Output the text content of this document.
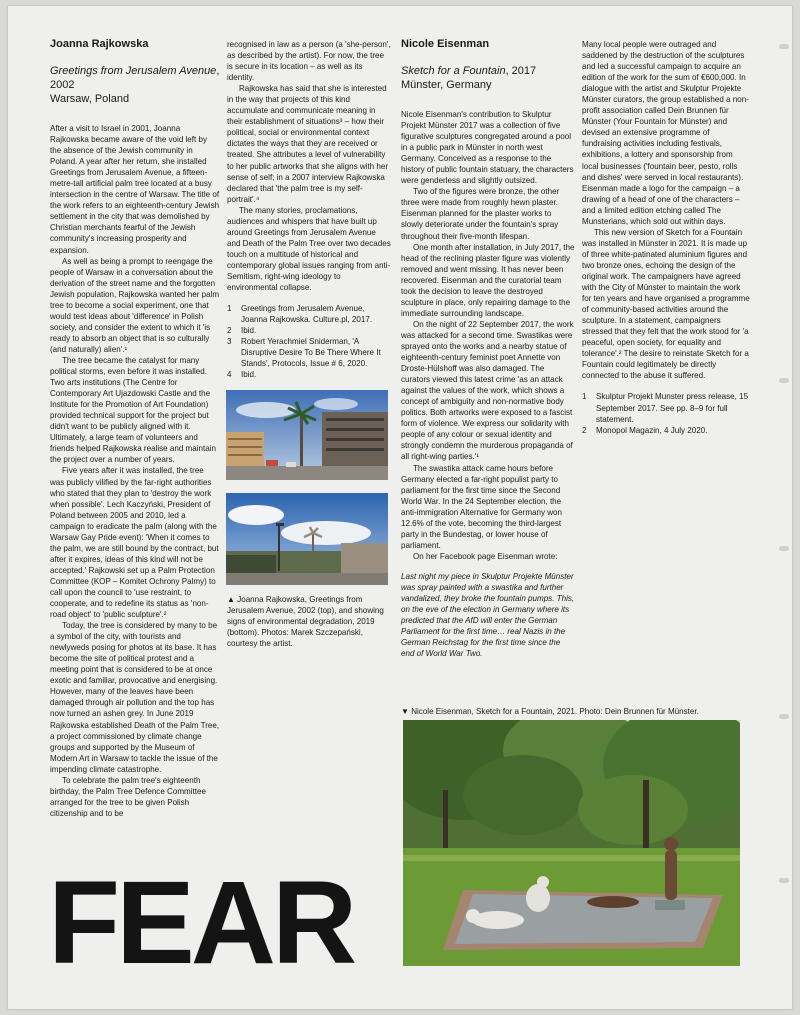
Joanna Rajkowska
Greetings from Jerusalem Avenue, 2002
Warsaw, Poland

After a visit to Israel in 2001, Joanna Rajkowska became aware of the void left by the absence of the Jewish community in Poland. A year after her return, she installed Greetings from Jerusalem Avenue, a fifteen-metre-tall artificial palm tree located at a busy intersection in the centre of Warsaw. The title of the work refers to an eighteenth-century Jewish settlement in the city that was demolished by Christian merchants fearful of the Jewish community's increasing prosperity and expansion.

As well as being a prompt to reengage the people of Warsaw in a conversation about the derivation of the street name and the forgotten Jewish population, Rajkowska wanted her palm tree to become a social experiment, one that would test ideas about 'difference' in Polish society, and consider the extent to which it 'is ready to absorb an object that is so culturally (and naturally) alien'.¹

The tree became the catalyst for many political storms, even before it was installed. Two arts institutions (The Centre for Contemporary Art Ujazdowski Castle and the Institute for the Promotion of Art Foundation) provided technical support for the project but didn't want to be publicly aligned with it. Ultimately, a large team of volunteers and friends helped Rajkowska realise and maintain the project over a number of years.

Five years after it was installed, the tree was publicly vilified by the far-right authorities who stated that they plan to 'destroy the work when possible'. Lech Kaczyński, President of Poland between 2005 and 2010, led a campaign to eradicate the palm (along with the Warsaw Gay Pride event): 'When it comes to the palm, we are still bound by the contract, but after it expires, ideas of this kind will not be accepted.' Rajkowski set up a Palm Protection Committee (KOP – Komitet Ochrony Palmy) to call upon the council to 'use restraint, to cooperate, and to redefine its status as 'non-road object' to 'public sculpture'.²

Today, the tree is considered by many to be a symbol of the city, with tourists and newlyweds posing for photos at its base. It has become the site of political protest and a meeting point that is considered to be at once exotic and familiar, provocative and energising. However, many of the leaves have been damaged through air pollution and the top has now turned an ashen grey. In June 2019 Rajkowska established Death of the Palm Tree, a project commissioned by climate change groups and supported by the Museum of Modern Art in Warsaw to tackle the issue of the impending climate catastrophe.

To celebrate the palm tree's eighteenth birthday, the Palm Tree Defence Committee arranged for the tree to be given Polish citizenship and to be

recognised in law as a person (a 'she-person', as described by the artist). For now, the tree is secure in its location – as well as its identity.

Rajkowska has said that she is interested in the way that projects of this kind accumulate and communicate meaning in their establishment of situations³ – how their political, social or environmental context dictates the ways that they are received or treated. She attributes a level of vulnerability to her public artworks that she aligns with her sense of self; in a 2007 interview Rajkowska declared that 'the palm tree is my self-portrait'.⁴

The many stories, proclamations, audiences and whispers that have built up around Greetings from Jerusalem Avenue and Death of the Palm Tree over two decades touch on a multitude of historical and contemporary global issues ranging from anti-Semitism, right-wing ideology to environmental collapse.

1	Greetings from Jerusalem Avenue, Joanna Rajkowska. Culture.pl, 2017.
2	Ibid.
3	Robert Yerachmiel Sniderman, 'A Disruptive Desire To Be There Where It Stands', Protocols, Issue # 6, 2020.
4	Ibid.
▲ Joanna Rajkowska, Greetings from Jerusalem Avenue, 2002 (top), and showing signs of environmental degradation, 2019 (bottom). Photos: Marek Szczepański, courtesy the artist.
Nicole Eisenman
Sketch for a Fountain, 2017
Münster, Germany

Nicole Eisenman's contribution to Skulptur Projekt Münster 2017 was a collection of five figurative sculptures congregated around a pool in a public park in Münster in north west Germany. Conceived as a response to the history of public fountain statuary, the characters were genderless and slightly outsized.

Two of the figures were bronze, the other three were made from roughly hewn plaster. Eisenman planned for the plaster works to slowly deteriorate under the fountain's spray throughout their five-month lifespan.

One month after installation, in July 2017, the head of the reclining plaster figure was violently removed and went missing. It has never been recovered. Eisenman and the curatorial team took the decision to leave the destroyed sculpture in place, only repairing damage to the immediate surrounding landscape.

On the night of 22 September 2017, the work was attacked for a second time. Swastikas were sprayed onto the works and a nearby statue of eighteenth-century feminist poet Annette von Droste-Hülshoff was also damaged. The curators viewed this latest crime 'as an attack against the values of the work, which shows a concept of ambiguity and non-normative body politics. Both artworks were exposed to a fascist form of violence. We express our solidarity with people of any colour or sexual identity and strongly condemn the murderous propaganda of all right-wing parties.'¹

The swastika attack came hours before Germany elected a far-right populist party to parliament for the first time since the Second World War. In the 24 September election, the anti-immigration Alternative for Germany won 12.6% of the vote, becoming the third-largest party in the Bundestag, or lower house of parliament.

On her Facebook page Eisenman wrote:

Last night my piece in Skulptur Projekte Münster was spray painted with a swastika and further vandalized, they broke the fountain pumps. This, on the eve of the election in Germany where its predicted that the AfD will enter the German Parliament for the first time… real Nazis in the German Reichstag for the first time since the end of World War Two.

Many local people were outraged and saddened by the destruction of the sculptures and led a successful campaign to acquire an edition of the work for the sum of €600,000. In dialogue with the artist and Skulptur Projekte Münster curators, the group established a non-profit association called Dein Brunnen für Münster (Your Fountain for Münster) and devised an extensive programme of fundraising activities including festivals, exhibitions, a lottery and sponsorship from local businesses ('fountain beer, pesto, rolls and dishes' were served in local restaurants). Eisenman made a logo for the campaign – a drawing of a head of one of the characters – and a limited edition etching called The Munsterians, which sold out within days.

This new version of Sketch for a Fountain was installed in Münster in 2021. It is made up of three white-patinated aluminium figures and two bronze ones, echoing the design of the original work. The campaigners have agreed with the City of Münster to maintain the work for ten years and have organised a programme of community-based activities around the sculpture. In a statement, campaigners stressed that they felt that the work stood for 'a peaceful, open society, for equality and tolerance'.² The desire to reinstate Sketch for a Fountain could legitimately be directly connected to the abuse it suffered.

1	Skulptur Projekt Munster press release, 15 September 2017. See pp. 8–9 for full statement.
2	Monopol Magazin, 4 July 2020.
▼ Nicole Eisenman, Sketch for a Fountain, 2021. Photo: Dein Brunnen für Münster.
FEAR
